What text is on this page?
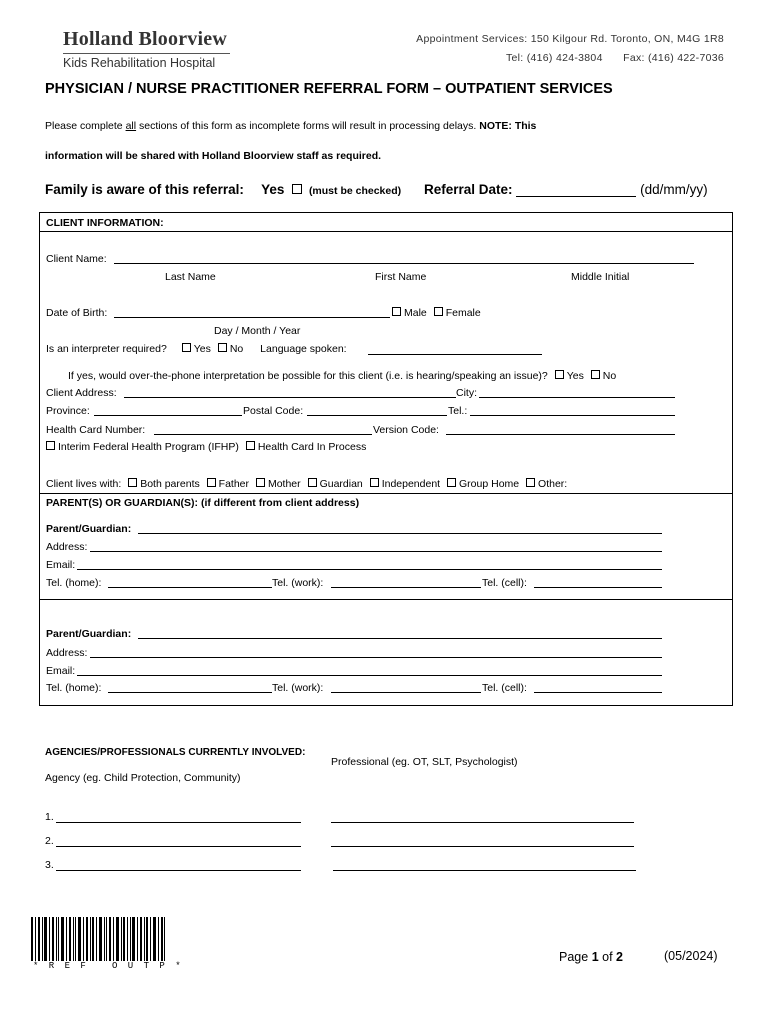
Holland Bloorview
Kids Rehabilitation Hospital
Appointment Services: 150 Kilgour Rd. Toronto, ON, M4G 1R8
Tel: (416) 424-3804 Fax: (416) 422-7036
PHYSICIAN / NURSE PRACTITIONER REFERRAL FORM – OUTPATIENT SERVICES
Please complete all sections of this form as incomplete forms will result in processing delays. NOTE: This
information will be shared with Holland Bloorview staff as required.
Family is aware of this referral: Yes (must be checked) Referral Date:	(dd/mm/yy)
CLIENT INFORMATION:
Client Name:
Last Name	First Name	Middle Initial
Date of Birth:	Male Female
Day / Month / Year
Is an interpreter required?	Yes No Language spoken:
If yes, would over-the-phone interpretation be possible for this client (i.e. is hearing/speaking an issue)? Yes No
Client Address:	City:
Province:	Postal Code:	Tel.:
Health Card Number:	Version Code:
Interim Federal Health Program (IFHP) Health Card In Process
Client lives with: Both parents Father Mother Guardian Independent Group Home Other:
PARENT(S) OR GUARDIAN(S): (if different from client address)
Parent/Guardian:
Address:
Email:
Tel. (home):	Tel. (work):	Tel. (cell):
Parent/Guardian:
Address:
Email:
Tel. (home):	Tel. (work):	Tel. (cell):
AGENCIES/PROFESSIONALS CURRENTLY INVOLVED:
Agency (eg. Child Protection, Community)
Professional (eg. OT, SLT, Psychologist)
1.
2.
3.
* R E F   O U T P *
Page 1 of 2	(05/2024)
